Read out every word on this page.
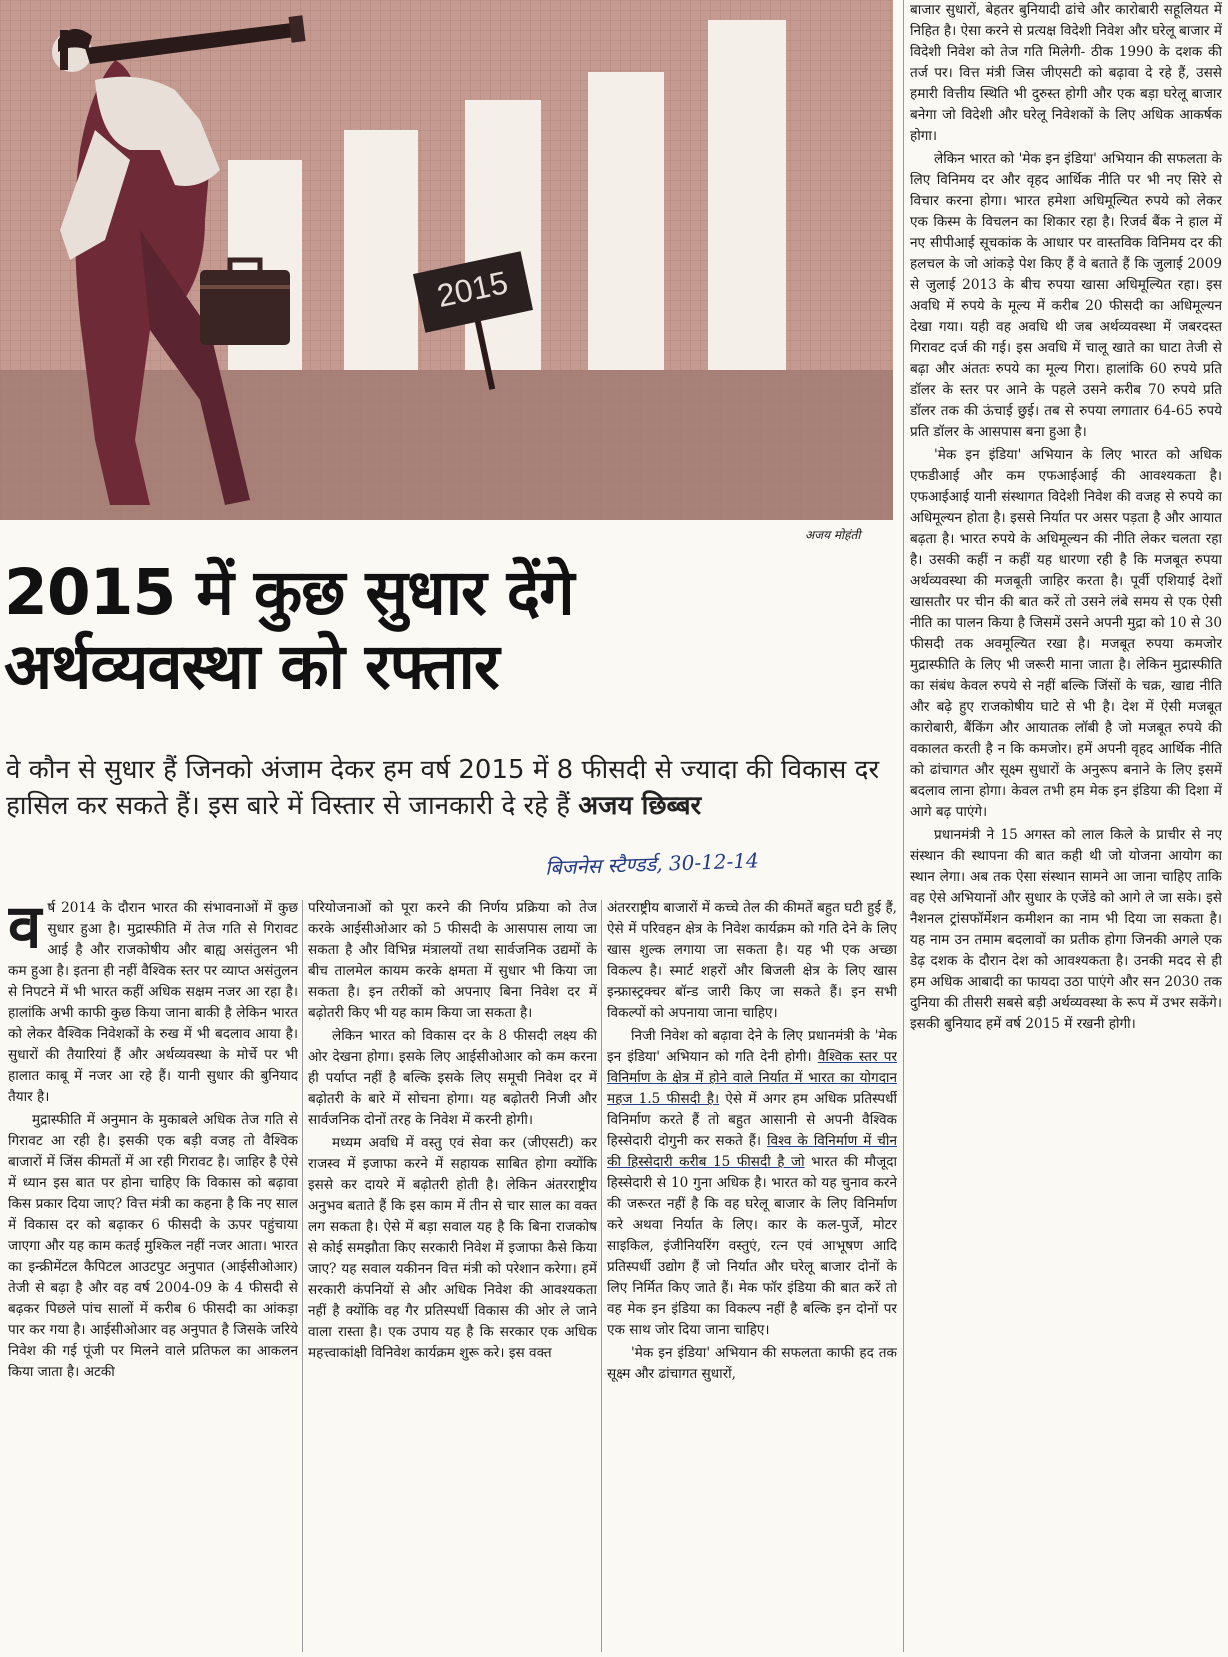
2015
अजय मोहंती
2015 में कुछ सुधार देंगे
अर्थव्यवस्था को रफ्तार

वे कौन से सुधार हैं जिनको अंजाम देकर हम वर्ष 2015 में 8 फीसदी से ज्यादा की विकास दर हासिल कर सकते हैं। इस बारे में विस्तार से जानकारी दे रहे हैं अजय छिब्बर

बिजनेस स्टैण्डर्ड, 30-12-14

व र्ष 2014 के दौरान भारत की संभावनाओं में कुछ सुधार हुआ है। मुद्रास्फीति में तेज गति से गिरावट आई है और राजकोषीय और बाह्य असंतुलन भी कम हुआ है। इतना ही नहीं वैश्विक स्तर पर व्याप्त असंतुलन से निपटने में भी भारत कहीं अधिक सक्षम नजर आ रहा है। हालांकि अभी काफी कुछ किया जाना बाकी है लेकिन भारत को लेकर वैश्विक निवेशकों के रुख में भी बदलाव आया है। सुधारों की तैयारियां हैं और अर्थव्यवस्था के मोर्चे पर भी हालात काबू में नजर आ रहे हैं। यानी सुधार की बुनियाद तैयार है।

मुद्रास्फीति में अनुमान के मुकाबले अधिक तेज गति से गिरावट आ रही है। इसकी एक बड़ी वजह तो वैश्विक बाजारों में जिंस कीमतों में आ रही गिरावट है। जाहिर है ऐसे में ध्यान इस बात पर होना चाहिए कि विकास को बढ़ावा किस प्रकार दिया जाए? वित्त मंत्री का कहना है कि नए साल में विकास दर को बढ़ाकर 6 फीसदी के ऊपर पहुंचाया जाएगा और यह काम कतई मुश्किल नहीं नजर आता। भारत का इन्क्रीमेंटल कैपिटल आउटपुट अनुपात (आईसीओआर) तेजी से बढ़ा है और वह वर्ष 2004-09 के 4 फीसदी से बढ़कर पिछले पांच सालों में करीब 6 फीसदी का आंकड़ा पार कर गया है। आईसीओआर वह अनुपात है जिसके जरिये निवेश की गई पूंजी पर मिलने वाले प्रतिफल का आकलन किया जाता है। अटकी

परियोजनाओं को पूरा करने की निर्णय प्रक्रिया को तेज करके आईसीओआर को 5 फीसदी के आसपास लाया जा सकता है और विभिन्न मंत्रालयों तथा सार्वजनिक उद्यमों के बीच तालमेल कायम करके क्षमता में सुधार भी किया जा सकता है। इन तरीकों को अपनाए बिना निवेश दर में बढ़ोतरी किए भी यह काम किया जा सकता है।

लेकिन भारत को विकास दर के 8 फीसदी लक्ष्य की ओर देखना होगा। इसके लिए आईसीओआर को कम करना ही पर्याप्त नहीं है बल्कि इसके लिए समूची निवेश दर में बढ़ोतरी के बारे में सोचना होगा। यह बढ़ोतरी निजी और सार्वजनिक दोनों तरह के निवेश में करनी होगी।

मध्यम अवधि में वस्तु एवं सेवा कर (जीएसटी) कर राजस्व में इजाफा करने में सहायक साबित होगा क्योंकि इससे कर दायरे में बढ़ोतरी होती है। लेकिन अंतरराष्ट्रीय अनुभव बताते हैं कि इस काम में तीन से चार साल का वक्त लग सकता है। ऐसे में बड़ा सवाल यह है कि बिना राजकोष से कोई समझौता किए सरकारी निवेश में इजाफा कैसे किया जाए? यह सवाल यकीनन वित्त मंत्री को परेशान करेगा। हमें सरकारी कंपनियों से और अधिक निवेश की आवश्यकता नहीं है क्योंकि वह गैर प्रतिस्पर्धी विकास की ओर ले जाने वाला रास्ता है। एक उपाय यह है कि सरकार एक अधिक महत्त्वाकांक्षी विनिवेश कार्यक्रम शुरू करे। इस वक्त

अंतरराष्ट्रीय बाजारों में कच्चे तेल की कीमतें बहुत घटी हुई हैं, ऐसे में परिवहन क्षेत्र के निवेश कार्यक्रम को गति देने के लिए खास शुल्क लगाया जा सकता है। यह भी एक अच्छा विकल्प है। स्मार्ट शहरों और बिजली क्षेत्र के लिए खास इन्फ्रास्ट्रक्चर बॉन्ड जारी किए जा सकते हैं। इन सभी विकल्पों को अपनाया जाना चाहिए।

निजी निवेश को बढ़ावा देने के लिए प्रधानमंत्री के 'मेक इन इंडिया' अभियान को गति देनी होगी। वैश्विक स्तर पर विनिर्माण के क्षेत्र में होने वाले निर्यात में भारत का योगदान महज 1.5 फीसदी है। ऐसे में अगर हम अधिक प्रतिस्पर्धी विनिर्माण करते हैं तो बहुत आसानी से अपनी वैश्विक हिस्सेदारी दोगुनी कर सकते हैं। विश्व के विनिर्माण में चीन की हिस्सेदारी करीब 15 फीसदी है जो भारत की मौजूदा हिस्सेदारी से 10 गुना अधिक है। भारत को यह चुनाव करने की जरूरत नहीं है कि वह घरेलू बाजार के लिए विनिर्माण करे अथवा निर्यात के लिए। कार के कल-पुर्जे, मोटर साइकिल, इंजीनियरिंग वस्तुएं, रत्न एवं आभूषण आदि प्रतिस्पर्धी उद्योग हैं जो निर्यात और घरेलू बाजार दोनों के लिए निर्मित किए जाते हैं। मेक फॉर इंडिया की बात करें तो वह मेक इन इंडिया का विकल्प नहीं है बल्कि इन दोनों पर एक साथ जोर दिया जाना चाहिए।

'मेक इन इंडिया' अभियान की सफलता काफी हद तक सूक्ष्म और ढांचागत सुधारों,

बाजार सुधारों, बेहतर बुनियादी ढांचे और कारोबारी सहूलियत में निहित है। ऐसा करने से प्रत्यक्ष विदेशी निवेश और घरेलू बाजार में विदेशी निवेश को तेज गति मिलेगी- ठीक 1990 के दशक की तर्ज पर। वित्त मंत्री जिस जीएसटी को बढ़ावा दे रहे हैं, उससे हमारी वित्तीय स्थिति भी दुरुस्त होगी और एक बड़ा घरेलू बाजार बनेगा जो विदेशी और घरेलू निवेशकों के लिए अधिक आकर्षक होगा।

लेकिन भारत को 'मेक इन इंडिया' अभियान की सफलता के लिए विनिमय दर और वृहद आर्थिक नीति पर भी नए सिरे से विचार करना होगा। भारत हमेशा अधिमूल्यित रुपये को लेकर एक किस्म के विचलन का शिकार रहा है। रिजर्व बैंक ने हाल में नए सीपीआई सूचकांक के आधार पर वास्तविक विनिमय दर की हलचल के जो आंकड़े पेश किए हैं वे बताते हैं कि जुलाई 2009 से जुलाई 2013 के बीच रुपया खासा अधिमूल्यित रहा। इस अवधि में रुपये के मूल्य में करीब 20 फीसदी का अधिमूल्यन देखा गया। यही वह अवधि थी जब अर्थव्यवस्था में जबरदस्त गिरावट दर्ज की गई। इस अवधि में चालू खाते का घाटा तेजी से बढ़ा और अंततः रुपये का मूल्य गिरा। हालांकि 60 रुपये प्रति डॉलर के स्तर पर आने के पहले उसने करीब 70 रुपये प्रति डॉलर तक की ऊंचाई छुई। तब से रुपया लगातार 64-65 रुपये प्रति डॉलर के आसपास बना हुआ है।

'मेक इन इंडिया' अभियान के लिए भारत को अधिक एफडीआई और कम एफआईआई की आवश्यकता है। एफआईआई यानी संस्थागत विदेशी निवेश की वजह से रुपये का अधिमूल्यन होता है। इससे निर्यात पर असर पड़ता है और आयात बढ़ता है। भारत रुपये के अधिमूल्यन की नीति लेकर चलता रहा है। उसकी कहीं न कहीं यह धारणा रही है कि मजबूत रुपया अर्थव्यवस्था की मजबूती जाहिर करता है। पूर्वी एशियाई देशों खासतौर पर चीन की बात करें तो उसने लंबे समय से एक ऐसी नीति का पालन किया है जिसमें उसने अपनी मुद्रा को 10 से 30 फीसदी तक अवमूल्यित रखा है। मजबूत रुपया कमजोर मुद्रास्फीति के लिए भी जरूरी माना जाता है। लेकिन मुद्रास्फीति का संबंध केवल रुपये से नहीं बल्कि जिंसों के चक्र, खाद्य नीति और बढ़े हुए राजकोषीय घाटे से भी है। देश में ऐसी मजबूत कारोबारी, बैंकिंग और आयातक लॉबी है जो मजबूत रुपये की वकालत करती है न कि कमजोर। हमें अपनी वृहद आर्थिक नीति को ढांचागत और सूक्ष्म सुधारों के अनुरूप बनाने के लिए इसमें बदलाव लाना होगा। केवल तभी हम मेक इन इंडिया की दिशा में आगे बढ़ पाएंगे।

प्रधानमंत्री ने 15 अगस्त को लाल किले के प्राचीर से नए संस्थान की स्थापना की बात कही थी जो योजना आयोग का स्थान लेगा। अब तक ऐसा संस्थान सामने आ जाना चाहिए ताकि वह ऐसे अभियानों और सुधार के एजेंडे को आगे ले जा सके। इसे नैशनल ट्रांसफॉर्मेशन कमीशन का नाम भी दिया जा सकता है। यह नाम उन तमाम बदलावों का प्रतीक होगा जिनकी अगले एक डेढ़ दशक के दौरान देश को आवश्यकता है। उनकी मदद से ही हम अधिक आबादी का फायदा उठा पाएंगे और सन 2030 तक दुनिया की तीसरी सबसे बड़ी अर्थव्यवस्था के रूप में उभर सकेंगे। इसकी बुनियाद हमें वर्ष 2015 में रखनी होगी।
